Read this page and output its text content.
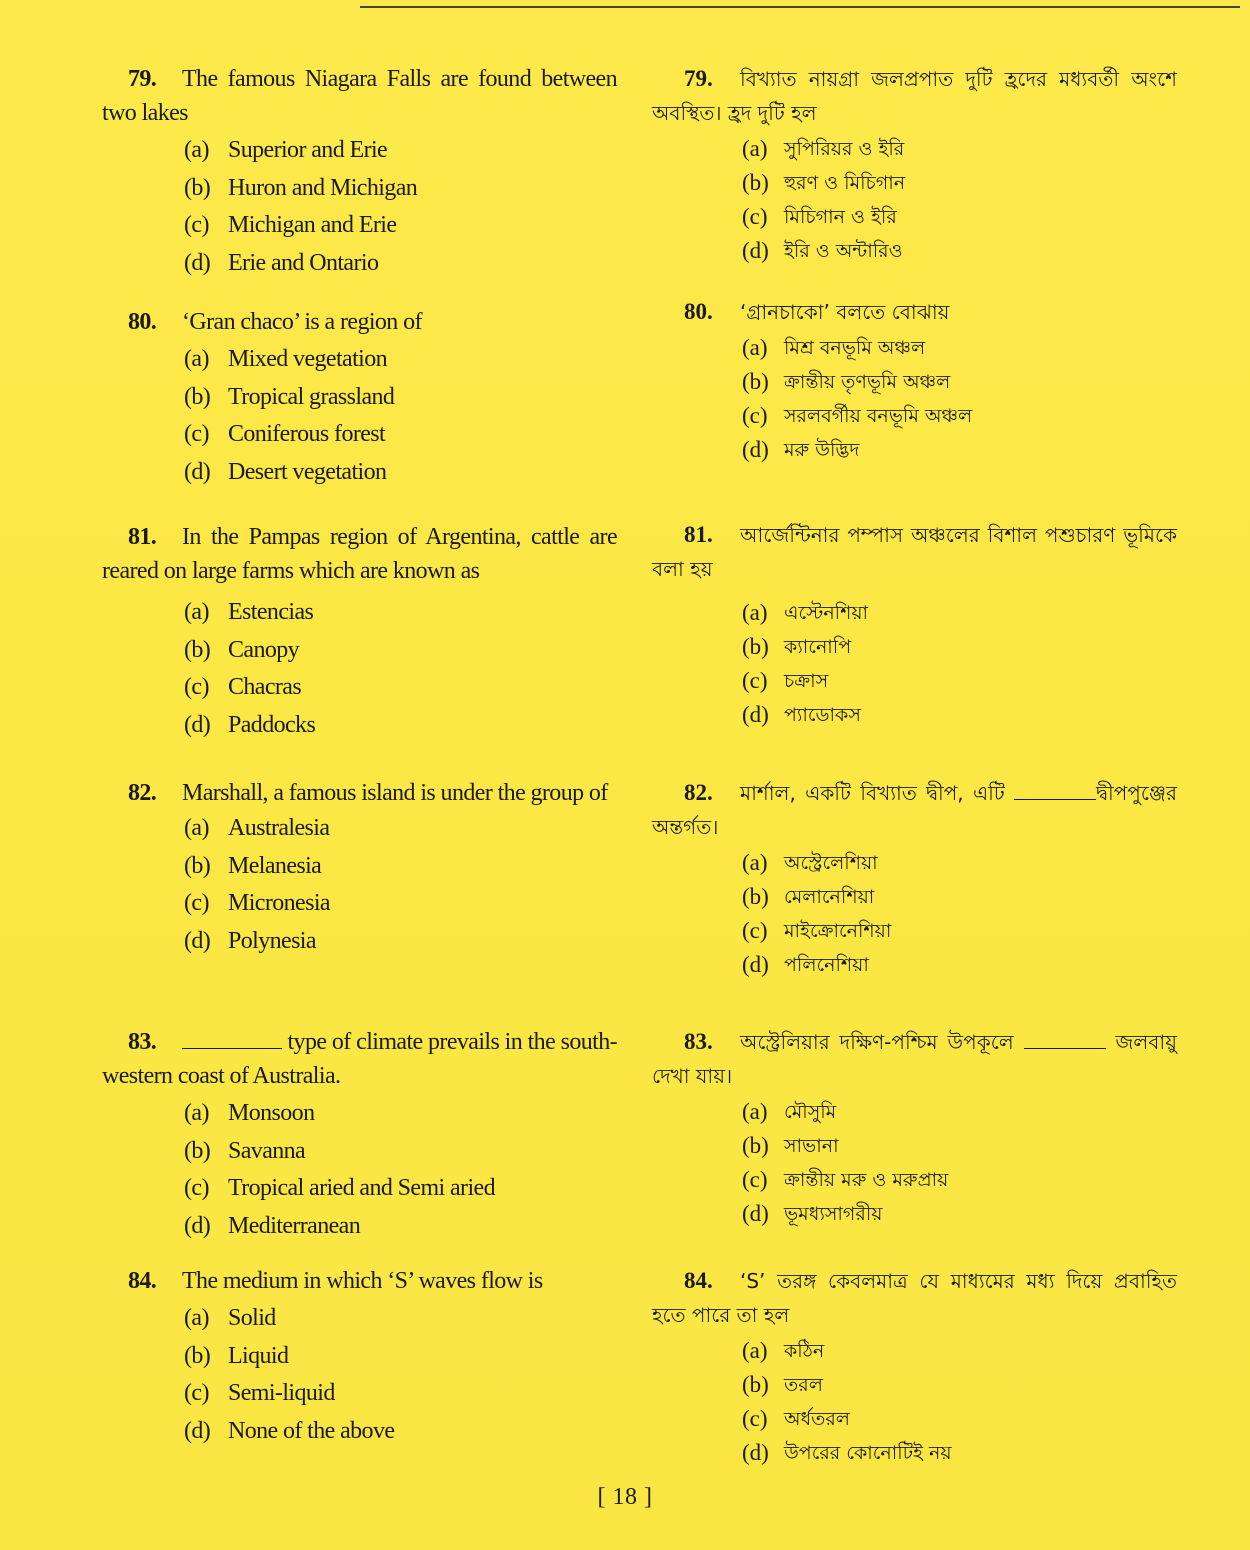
79. The famous Niagara Falls are found between two lakes

(a) Superior and Erie
(b) Huron and Michigan
(c) Michigan and Erie
(d) Erie and Ontario

80. ‘Gran chaco’ is a region of

(a) Mixed vegetation
(b) Tropical grassland
(c) Coniferous forest
(d) Desert vegetation

81. In the Pampas region of Argentina, cattle are reared on large farms which are known as

(a) Estencias
(b) Canopy
(c) Chacras
(d) Paddocks

82. Marshall, a famous island is under the group of

(a) Australesia
(b) Melanesia
(c) Micronesia
(d) Polynesia

83.	type of climate prevails in the south-western coast of Australia.

(a) Monsoon
(b) Savanna
(c) Tropical aried and Semi aried
(d) Mediterranean

84. The medium in which ‘S’ waves flow is

(a) Solid
(b) Liquid
(c) Semi-liquid
(d) None of the above

79. বিখ্যাত নায়গ্রা জলপ্রপাত দুটি হ্রদের মধ্যবর্তী অংশে অবস্থিত। হ্রদ দুটি হল

(a) সুপিরিয়র ও ইরি
(b) হুরণ ও মিচিগান
(c) মিচিগান ও ইরি
(d) ইরি ও অন্টারিও

80. ‘গ্রানচাকো’ বলতে বোঝায়

(a) মিশ্র বনভূমি অঞ্চল
(b) ক্রান্তীয় তৃণভূমি অঞ্চল
(c) সরলবর্গীয় বনভূমি অঞ্চল
(d) মরু উদ্ভিদ

81. আর্জেন্টিনার পম্পাস অঞ্চলের বিশাল পশুচারণ ভূমিকে বলা হয়

(a) এস্টেনশিয়া
(b) ক্যানোপি
(c) চক্রাস
(d) প্যাডোকস

82. মার্শাল, একটি বিখ্যাত দ্বীপ, এটি	দ্বীপপুঞ্জের অন্তর্গত।

(a) অস্ট্রেলেশিয়া
(b) মেলানেশিয়া
(c) মাইক্রোনেশিয়া
(d) পলিনেশিয়া

83. অস্ট্রেলিয়ার দক্ষিণ-পশ্চিম উপকূলে	জলবায়ু দেখা যায়।

(a) মৌসুমি
(b) সাভানা
(c) ক্রান্তীয় মরু ও মরুপ্রায়
(d) ভূমধ্যসাগরীয়

84. ‘S’ তরঙ্গ কেবলমাত্র যে মাধ্যমের মধ্য দিয়ে প্রবাহিত হতে পারে তা হল

(a) কঠিন
(b) তরল
(c) অর্ধতরল
(d) উপরের কোনোটিই নয়
[ 18 ]
